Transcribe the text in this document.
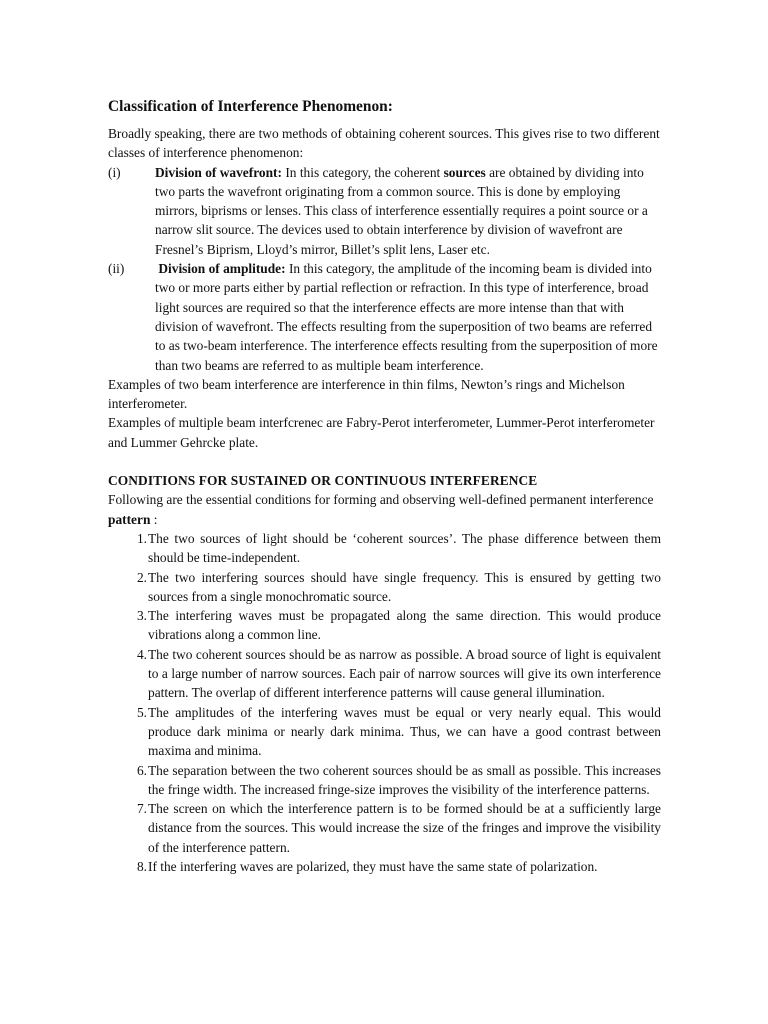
Classification of Interference Phenomenon:

Broadly speaking, there are two methods of obtaining coherent sources. This gives rise to two different classes of interference phenomenon:

(i)	Division of wavefront: In this category, the coherent sources are obtained by dividing into two parts the wavefront originating from a common source. This is done by employing mirrors, biprisms or lenses. This class of interference essentially requires a point source or a narrow slit source. The devices used to obtain interference by division of wavefront are Fresnel’s Biprism, Lloyd’s mirror, Billet’s split lens, Laser etc.
(ii)	Division of amplitude: In this category, the amplitude of the incoming beam is divided into two or more parts either by partial reflection or refraction. In this type of interference, broad light sources are required so that the interference effects are more intense than that with division of wavefront. The effects resulting from the superposition of two beams are referred to as two-beam interference. The interference effects resulting from the superposition of more than two beams are referred to as multiple beam interference.

Examples of two beam interference are interference in thin films, Newton’s rings and Michelson interferometer.

Examples of multiple beam interfcrenec are Fabry-Perot interferometer, Lummer-Perot interferometer and Lummer Gehrcke plate.

CONDITIONS FOR SUSTAINED OR CONTINUOUS INTERFERENCE

Following are the essential conditions for forming and observing well-defined permanent interference pattern :

1. The two sources of light should be ‘coherent sources’. The phase difference between them should be time-independent.
2. The two interfering sources should have single frequency. This is ensured by getting two sources from a single monochromatic source.
3. The interfering waves must be propagated along the same direction. This would produce vibrations along a common line.
4. The two coherent sources should be as narrow as possible. A broad source of light is equivalent to a large number of narrow sources. Each pair of narrow sources will give its own interference pattern. The overlap of different interference patterns will cause general illumination.
5. The amplitudes of the interfering waves must be equal or very nearly equal. This would produce dark minima or nearly dark minima. Thus, we can have a good contrast between maxima and minima.
6. The separation between the two coherent sources should be as small as possible. This increases the fringe width. The increased fringe-size improves the visibility of the interference patterns.
7. The screen on which the interference pattern is to be formed should be at a sufficiently large distance from the sources. This would increase the size of the fringes and improve the visibility of the interference pattern.
8. If the interfering waves are polarized, they must have the same state of polarization.
